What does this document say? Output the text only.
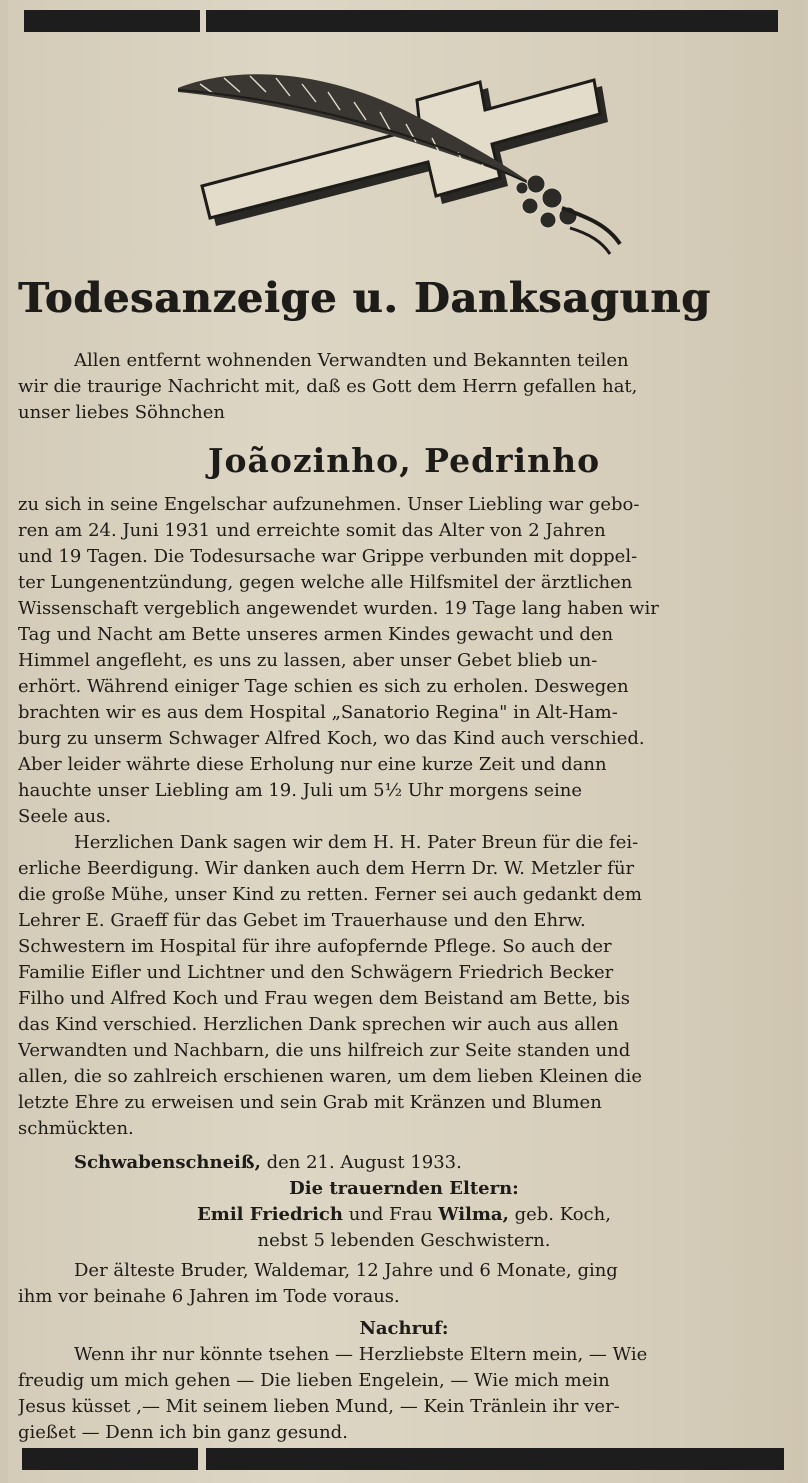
Todesanzeige u. Danksagung
Allen entfernt wohnenden Verwandten und Bekannten teilen
wir die traurige Nachricht mit, daß es Gott dem Herrn gefallen hat,
unser liebes Söhnchen
Joãozinho, Pedrinho
zu sich in seine Engelschar aufzunehmen. Unser Liebling war gebo-
ren am 24. Juni 1931 und erreichte somit das Alter von 2 Jahren
und 19 Tagen. Die Todesursache war Grippe verbunden mit doppel-
ter Lungenentzündung, gegen welche alle Hilfsmitel der ärztlichen
Wissenschaft vergeblich angewendet wurden. 19 Tage lang haben wir
Tag und Nacht am Bette unseres armen Kindes gewacht und den
Himmel angefleht, es uns zu lassen, aber unser Gebet blieb un-
erhört. Während einiger Tage schien es sich zu erholen. Deswegen
brachten wir es aus dem Hospital „Sanatorio Regina" in Alt-Ham-
burg zu unserm Schwager Alfred Koch, wo das Kind auch verschied.
Aber leider währte diese Erholung nur eine kurze Zeit und dann
hauchte unser Liebling am 19. Juli um 5½ Uhr morgens seine
Seele aus.
Herzlichen Dank sagen wir dem H. H. Pater Breun für die fei-
erliche Beerdigung. Wir danken auch dem Herrn Dr. W. Metzler für
die große Mühe, unser Kind zu retten. Ferner sei auch gedankt dem
Lehrer E. Graeff für das Gebet im Trauerhause und den Ehrw.
Schwestern im Hospital für ihre aufopfernde Pflege. So auch der
Familie Eifler und Lichtner und den Schwägern Friedrich Becker
Filho und Alfred Koch und Frau wegen dem Beistand am Bette, bis
das Kind verschied. Herzlichen Dank sprechen wir auch aus allen
Verwandten und Nachbarn, die uns hilfreich zur Seite standen und
allen, die so zahlreich erschienen waren, um dem lieben Kleinen die
letzte Ehre zu erweisen und sein Grab mit Kränzen und Blumen
schmückten.
Schwabenschneiß, den 21. August 1933.
Die trauernden Eltern:
Emil Friedrich und Frau Wilma, geb. Koch,
nebst 5 lebenden Geschwistern.
Der älteste Bruder, Waldemar, 12 Jahre und 6 Monate, ging
ihm vor beinahe 6 Jahren im Tode voraus.
Nachruf:
Wenn ihr nur könnte tsehen — Herzliebste Eltern mein, — Wie
freudig um mich gehen — Die lieben Engelein, — Wie mich mein
Jesus küsset ,— Mit seinem lieben Mund, — Kein Tränlein ihr ver-
gießet — Denn ich bin ganz gesund.
